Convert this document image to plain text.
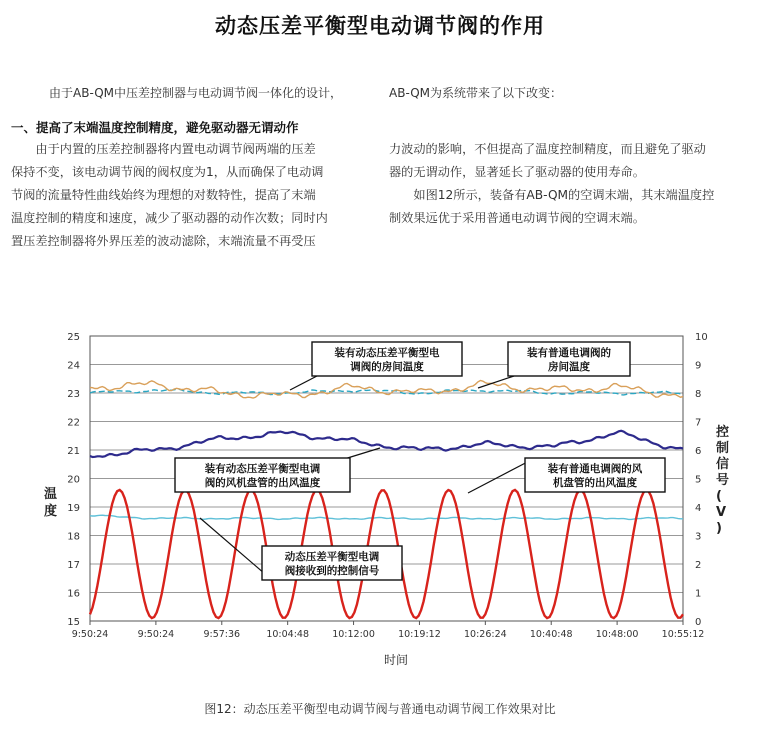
动态压差平衡型电动调节阀的作用
由于AB-QM中压差控制器与电动调节阀一体化的设计，	AB-QM为系统带来了以下改变：
一、提高了末端温度控制精度，避免驱动器无谓动作

由于内置的压差控制器将内置电动调节阀两端的压差

保持不变，该电动调节阀的阀权度为1，从而确保了电动调

节阀的流量特性曲线始终为理想的对数特性，提高了末端

温度控制的精度和速度，减少了驱动器的动作次数；同时内

置压差控制器将外界压差的波动滤除，末端流量不再受压

力波动的影响，不但提高了温度控制精度，而且避免了驱动

器的无谓动作，显著延长了驱动器的使用寿命。

如图12所示，装备有AB-QM的空调末端，其末端温度控

制效果远优于采用普通电动调节阀的空调末端。

15
16
17
18
19
20
21
22
23
24
25
0
1
2
3
4
5
6
7
8
9
10
9:50:24	9:50:24	9:57:36	10:04:48 10:12:00 10:19:12 10:26:24 10:40:48 10:48:00 10:55:12
装有动态压差平衡型电
调阀的房间温度
装有普通电调阀的
房间温度
装有动态压差平衡型电调
阀的风机盘管的出风温度
装有普通电调阀的风
机盘管的出风温度
动态压差平衡型电调
阀接收到的控制信号
时间
温度
控制信号( V )
图12：动态压差平衡型电动调节阀与普通电动调节阀工作效果对比
